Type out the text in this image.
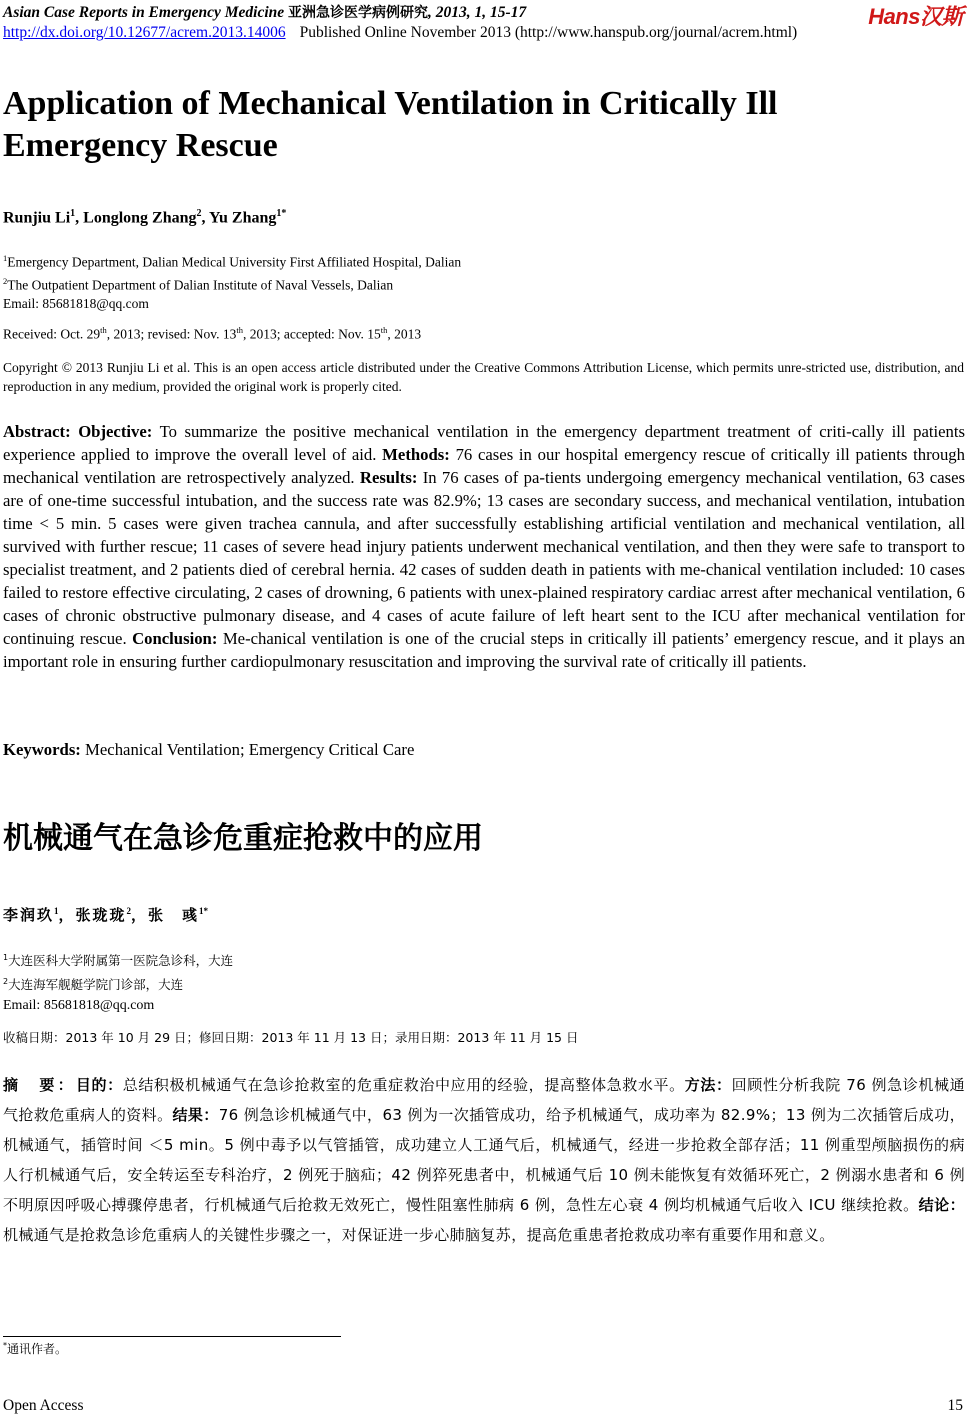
Asian Case Reports in Emergency Medicine 亚洲急诊医学病例研究, 2013, 1, 15-17	Hans汉斯
http://dx.doi.org/10.12677/acrem.2013.14006 Published Online November 2013 (http://www.hanspub.org/journal/acrem.html)
Application of Mechanical Ventilation in Critically Ill
Emergency Rescue
Runjiu Li$^1$, Longlong Zhang$^2$, Yu Zhang$^{1*}$
$^1$Emergency Department, Dalian Medical University First Affiliated Hospital, Dalian
$^2$The Outpatient Department of Dalian Institute of Naval Vessels, Dalian
Email: 85681818@qq.com
Received: Oct. 29th, 2013; revised: Nov. 13th, 2013; accepted: Nov. 15th, 2013
Copyright © 2013 Runjiu Li et al. This is an open access article distributed under the Creative Commons Attribution License, which permits unre-stricted use, distribution, and reproduction in any medium, provided the original work is properly cited.
Abstract: Objective: To summarize the positive mechanical ventilation in the emergency department treatment of criti-cally ill patients experience applied to improve the overall level of aid. Methods: 76 cases in our hospital emergency rescue of critically ill patients through mechanical ventilation are retrospectively analyzed. Results: In 76 cases of pa-tients undergoing emergency mechanical ventilation, 63 cases are of one-time successful intubation, and the success rate was 82.9%; 13 cases are secondary success, and mechanical ventilation, intubation time < 5 min. 5 cases were given trachea cannula, and after successfully establishing artificial ventilation and mechanical ventilation, all survived with further rescue; 11 cases of severe head injury patients underwent mechanical ventilation, and then they were safe to transport to specialist treatment, and 2 patients died of cerebral hernia. 42 cases of sudden death in patients with me-chanical ventilation included: 10 cases failed to restore effective circulating, 2 cases of drowning, 6 patients with unex-plained respiratory cardiac arrest after mechanical ventilation, 6 cases of chronic obstructive pulmonary disease, and 4 cases of acute failure of left heart sent to the ICU after mechanical ventilation for continuing rescue. Conclusion: Me-chanical ventilation is one of the crucial steps in critically ill patients’ emergency rescue, and it plays an important role in ensuring further cardiopulmonary resuscitation and improving the survival rate of critically ill patients.
Keywords: Mechanical Ventilation; Emergency Critical Care
机械通气在急诊危重症抢救中的应用
李润玖$^1$，张珑珑$^2$，张　彧$^{1*}$
$^1$大连医科大学附属第一医院急诊科，大连
$^2$大连海军舰艇学院门诊部，大连
Email: 85681818@qq.com
收稿日期：2013 年 10 月 29 日；修回日期：2013 年 11 月 13 日；录用日期：2013 年 11 月 15 日
摘　要：目的：总结积极机械通气在急诊抢救室的危重症救治中应用的经验，提高整体急救水平。方法：回顾性分析我院 76 例急诊机械通气抢救危重病人的资料。结果：76 例急诊机械通气中，63 例为一次插管成功，给予机械通气，成功率为 82.9%；13 例为二次插管后成功，机械通气，插管时间 ＜5 min。5 例中毒予以气管插管，成功建立人工通气后，机械通气，经进一步抢救全部存活；11 例重型颅脑损伤的病人行机械通气后，安全转运至专科治疗，2 例死于脑疝；42 例猝死患者中，机械通气后 10 例未能恢复有效循环死亡，2 例溺水患者和 6 例不明原因呼吸心搏骤停患者，行机械通气后抢救无效死亡，慢性阻塞性肺病 6 例，急性左心衰 4 例均机械通气后收入 ICU 继续抢救。结论：机械通气是抢救急诊危重病人的关键性步骤之一，对保证进一步心肺脑复苏，提高危重患者抢救成功率有重要作用和意义。
*通讯作者。
Open Access	15
